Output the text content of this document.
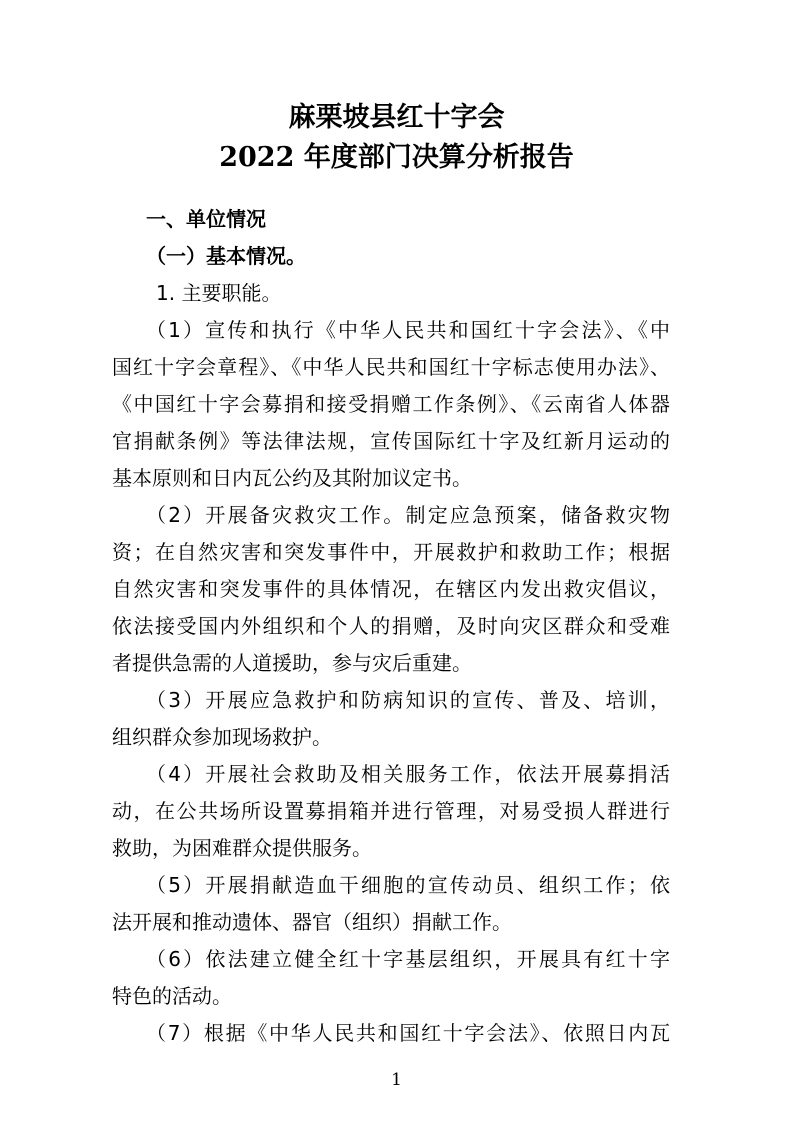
麻栗坡县红十字会
2022 年度部门决算分析报告

一、单位情况

（一）基本情况。

1. 主要职能。

（1）宣传和执行《中华人民共和国红十字会法》、《中

国红十字会章程》、《中华人民共和国红十字标志使用办法》、

《中国红十字会募捐和接受捐赠工作条例》、《云南省人体器

官捐献条例》等法律法规，宣传国际红十字及红新月运动的

基本原则和日内瓦公约及其附加议定书。

（2）开展备灾救灾工作。制定应急预案，储备救灾物

资；在自然灾害和突发事件中，开展救护和救助工作；根据

自然灾害和突发事件的具体情况，在辖区内发出救灾倡议，

依法接受国内外组织和个人的捐赠，及时向灾区群众和受难

者提供急需的人道援助，参与灾后重建。

（3）开展应急救护和防病知识的宣传、普及、培训，

组织群众参加现场救护。

（4）开展社会救助及相关服务工作，依法开展募捐活

动，在公共场所设置募捐箱并进行管理，对易受损人群进行

救助，为困难群众提供服务。

（5）开展捐献造血干细胞的宣传动员、组织工作；依

法开展和推动遗体、器官（组织）捐献工作。

（6）依法建立健全红十字基层组织，开展具有红十字

特色的活动。

（7）根据《中华人民共和国红十字会法》、依照日内瓦

1
